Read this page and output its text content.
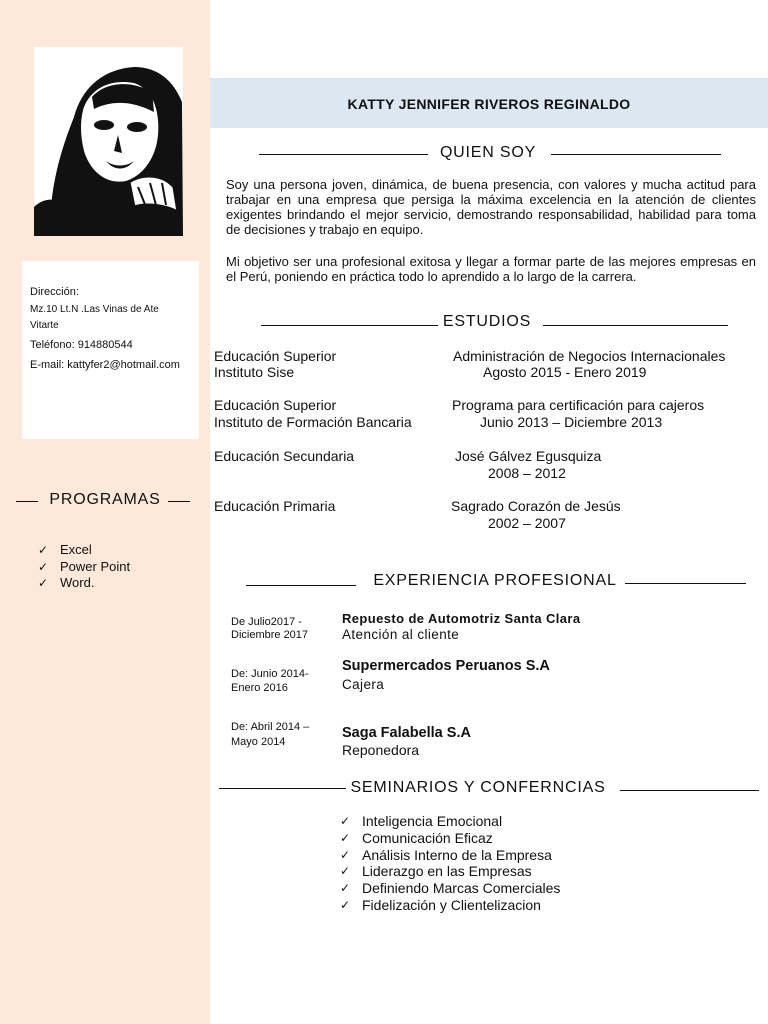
Dirección:
Mz.10 Lt.N .Las Vinas de Ate
Vitarte
Teléfono: 914880544
E-mail: kattyfer2@hotmail.com
PROGRAMAS
✓ Excel
✓ Power Point
✓ Word.
KATTY JENNIFER RIVEROS REGINALDO
QUIEN SOY
Soy una persona joven, dinámica, de buena presencia, con valores y mucha actitud para trabajar en una empresa que persiga la máxima excelencia en la atención de clientes exigentes brindando el mejor servicio, demostrando responsabilidad, habilidad para toma de decisiones y trabajo en equipo.
Mi objetivo ser una profesional exitosa y llegar a formar parte de las mejores empresas en el Perú, poniendo en práctica todo lo aprendido a lo largo de la carrera.
ESTUDIOS
Educación Superior
Instituto Sise
Administración de Negocios Internacionales
Agosto 2015 - Enero 2019
Educación Superior
Instituto de Formación Bancaria
Programa para certificación para cajeros
Junio 2013 – Diciembre 2013
Educación Secundaria	José Gálvez Egusquiza
2008 – 2012
Educación Primaria	Sagrado Corazón de Jesús
2002 – 2007
EXPERIENCIA PROFESIONAL
De Julio2017 -
Diciembre 2017
Repuesto de Automotriz Santa Clara
Atención al cliente
De: Junio 2014-
Enero 2016
Supermercados Peruanos S.A
Cajera
De: Abril 2014 –
Mayo 2014
Saga Falabella S.A
Reponedora
SEMINARIOS Y CONFERNCIAS
✓ Inteligencia Emocional
✓ Comunicación Eficaz
✓ Análisis Interno de la Empresa
✓ Liderazgo en las Empresas
✓ Definiendo Marcas Comerciales
✓ Fidelización y Clientelizacion
